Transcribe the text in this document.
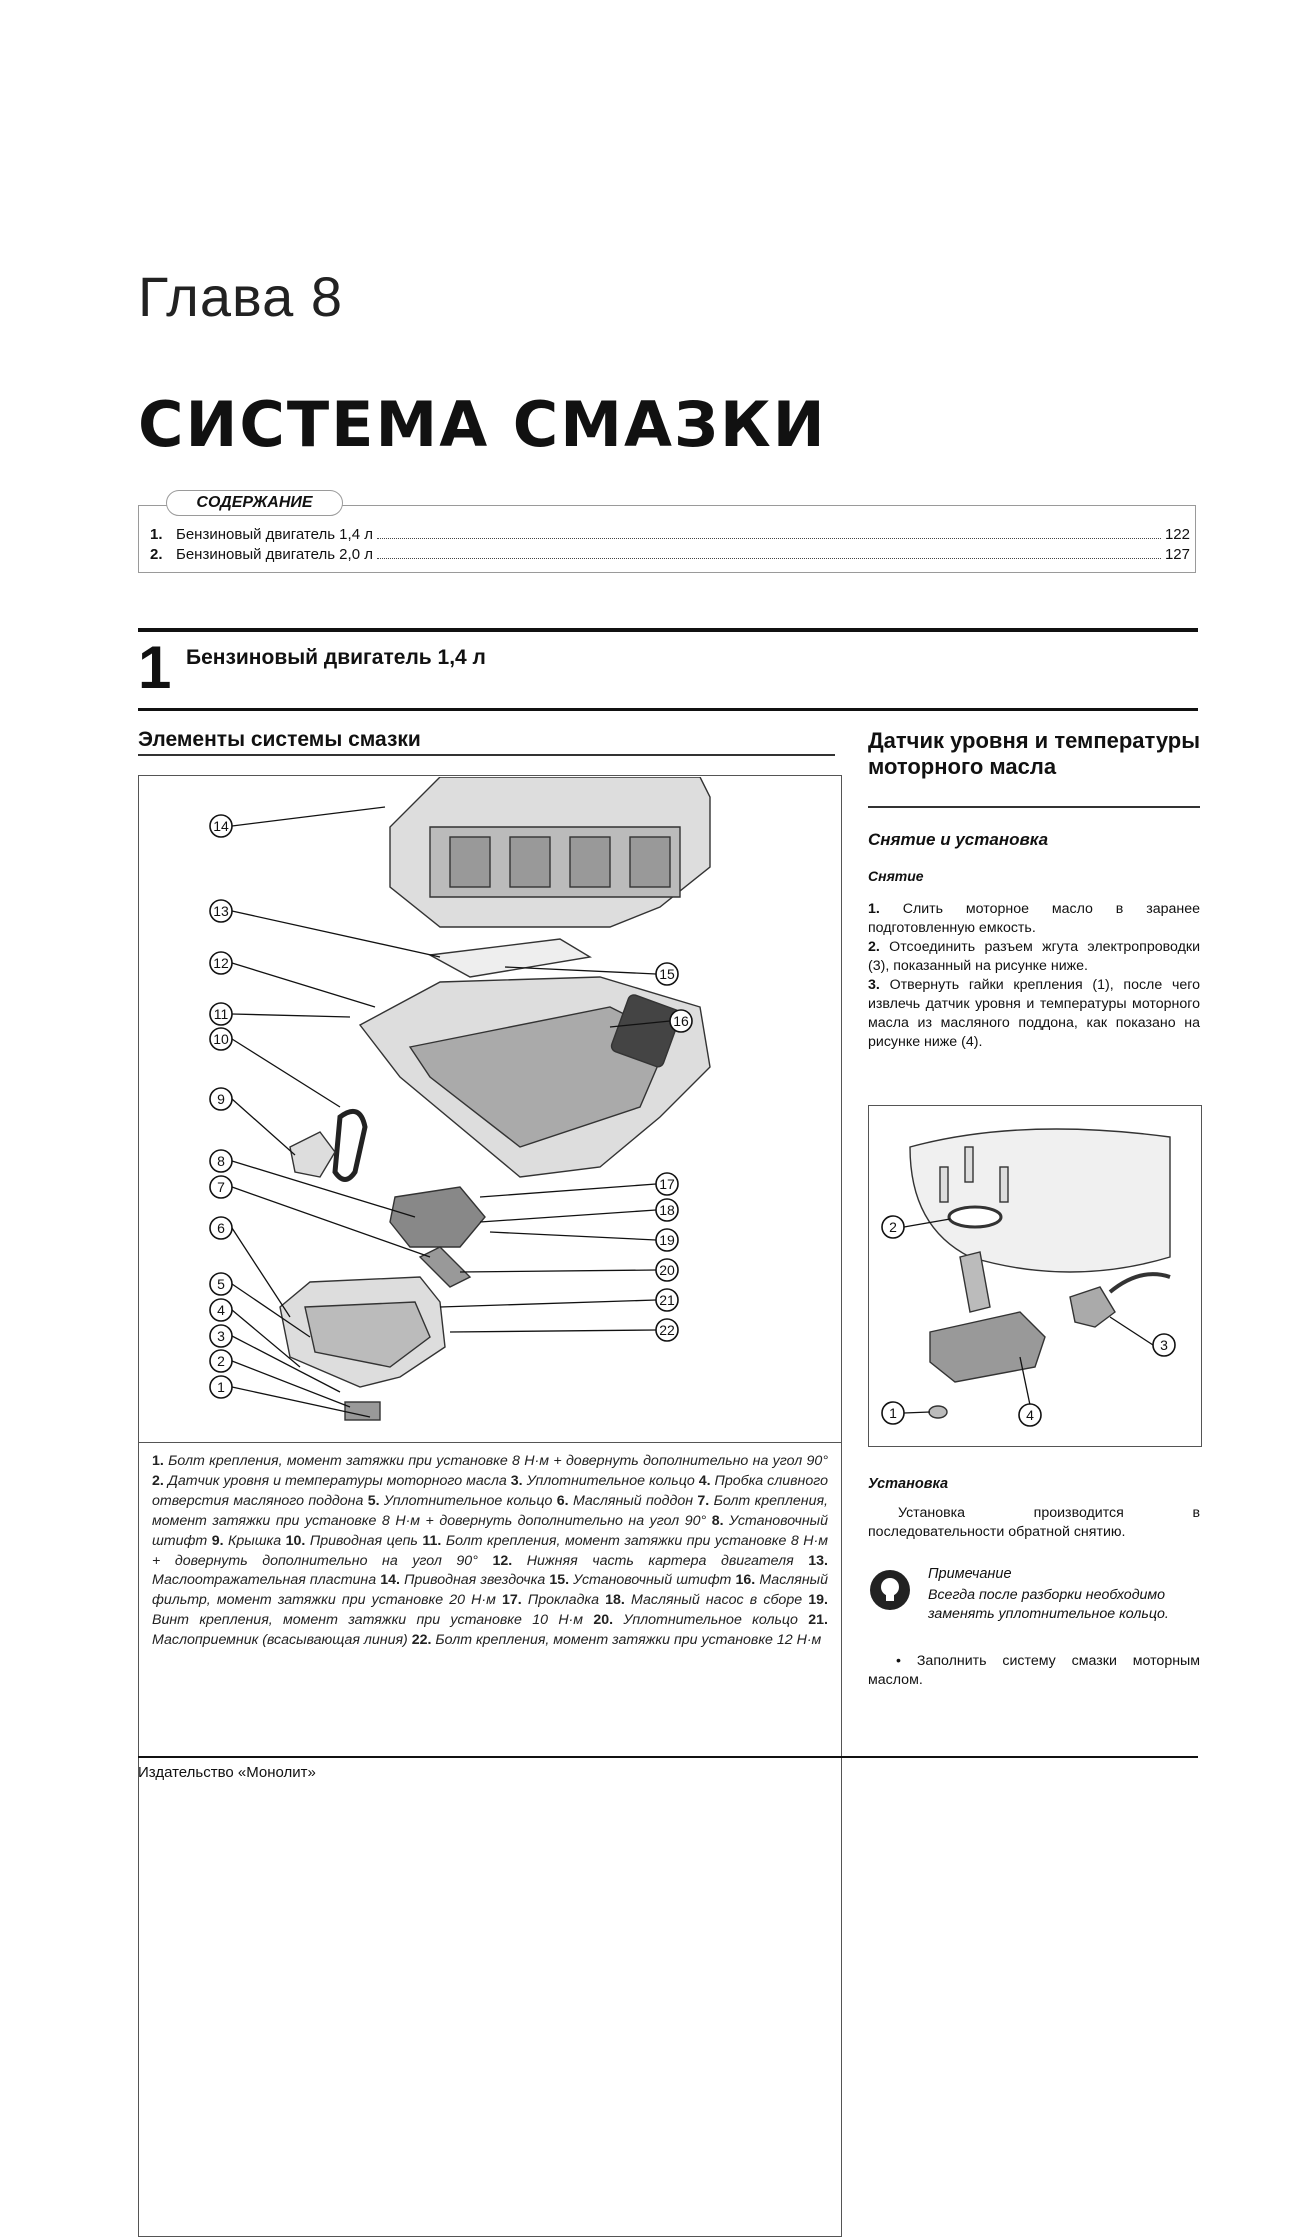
Глава 8
СИСТЕМА СМАЗКИ
СОДЕРЖАНИЕ
1. Бензиновый двигатель 1,4 л	122
2. Бензиновый двигатель 2,0 л	127
1 Бензиновый двигатель 1,4 л
Элементы системы смазки
14
13
12
11
10
9
8
7
6
5
4
3
2
1
15
16
17
18
19
20
21
22
1. Болт крепления, момент затяжки при установке 8 Н·м + довернуть дополнительно на угол 90° 2. Датчик уровня и температуры моторного масла 3. Уплотнительное кольцо 4. Пробка сливного отверстия масляного поддона 5. Уплотнительное кольцо 6. Масляный поддон 7. Болт крепления, момент затяжки при установке 8 Н·м + довернуть дополнительно на угол 90° 8. Установочный штифт 9. Крышка 10. Приводная цепь 11. Болт крепления, момент затяжки при установке 8 Н·м + довернуть дополнительно на угол 90° 12. Нижняя часть картера двигателя 13. Маслоотражательная пластина 14. Приводная звездочка 15. Установочный штифт 16. Масляный фильтр, момент затяжки при установке 20 Н·м 17. Прокладка 18. Масляный насос в сборе 19. Винт крепления, момент затяжки при установке 10 Н·м 20. Уплотнительное кольцо 21. Маслоприемник (всасывающая линия) 22. Болт крепления, момент затяжки при установке 12 Н·м
Датчик уровня и температуры моторного масла
Снятие и установка
Снятие

1. Слить моторное масло в заранее подготовленную емкость.

2. Отсоединить разъем жгута электропроводки (3), показанный на рисунке ниже.

3. Отвернуть гайки крепления (1), после чего извлечь датчик уровня и температуры моторного масла из масляного поддона, как показано на рисунке ниже (4).

2
3
4
1
Установка
Установка производится в последовательности обратной снятию.
Примечание
Всегда после разборки необходимо заменять уплотнительное кольцо.
• Заполнить систему смазки моторным маслом.
Издательство «Монолит»
